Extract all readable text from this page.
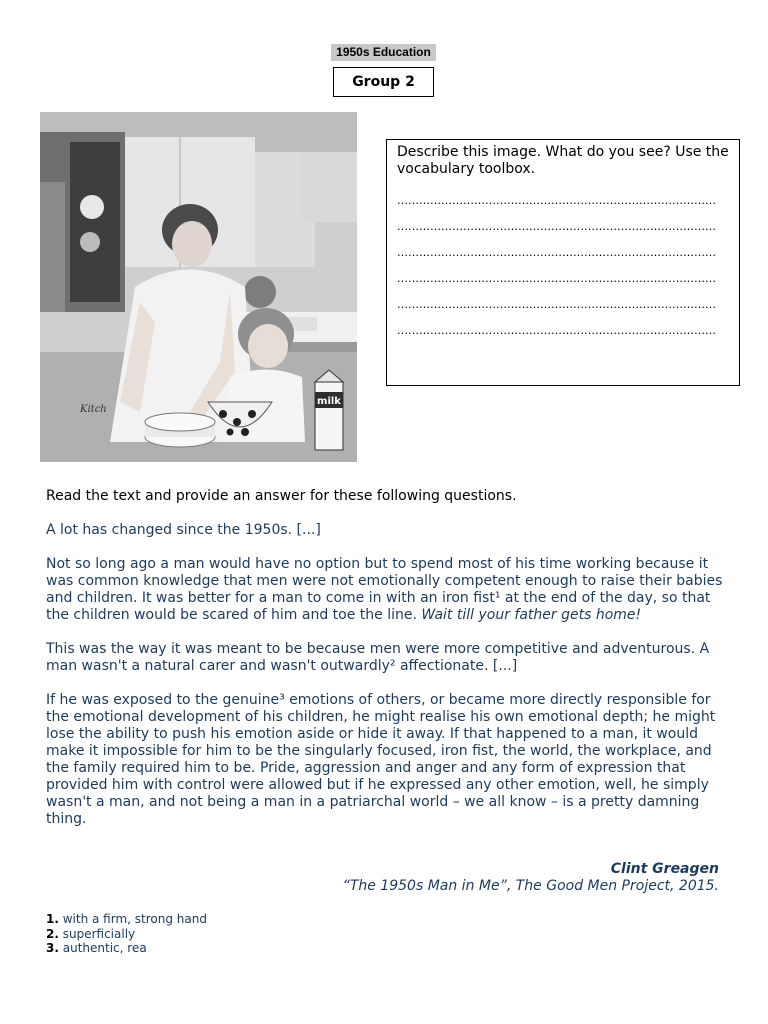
1950s Education
Group 2
Kitch
milk

Describe this image. What do you see? Use the vocabulary toolbox.

……………………………………………………………………………
……………………………………………………………………………
……………………………………………………………………………
……………………………………………………………………………
……………………………………………………………………………
……………………………………………………………………………
Read the text and provide an answer for these following questions.
A lot has changed since the 1950s. [...]
Not so long ago a man would have no option but to spend most of his time working because it was common knowledge that men were not emotionally competent enough to raise their babies and children. It was better for a man to come in with an iron fist¹ at the end of the day, so that the children would be scared of him and toe the line. Wait till your father gets home!
This was the way it was meant to be because men were more competitive and adventurous. A man wasn't a natural carer and wasn't outwardly² affectionate. [...]
If he was exposed to the genuine³ emotions of others, or became more directly responsible for the emotional development of his children, he might realise his own emotional depth; he might lose the ability to push his emotion aside or hide it away. If that happened to a man, it would make it impossible for him to be the singularly focused, iron fist, the world, the workplace, and the family required him to be. Pride, aggression and anger and any form of expression that provided him with control were allowed but if he expressed any other emotion, well, he simply wasn't a man, and not being a man in a patriarchal world – we all know – is a pretty damning thing.
Clint Greagen
“The 1950s Man in Me”, The Good Men Project, 2015.
1. with a firm, strong hand
2. superficially
3. authentic, rea
